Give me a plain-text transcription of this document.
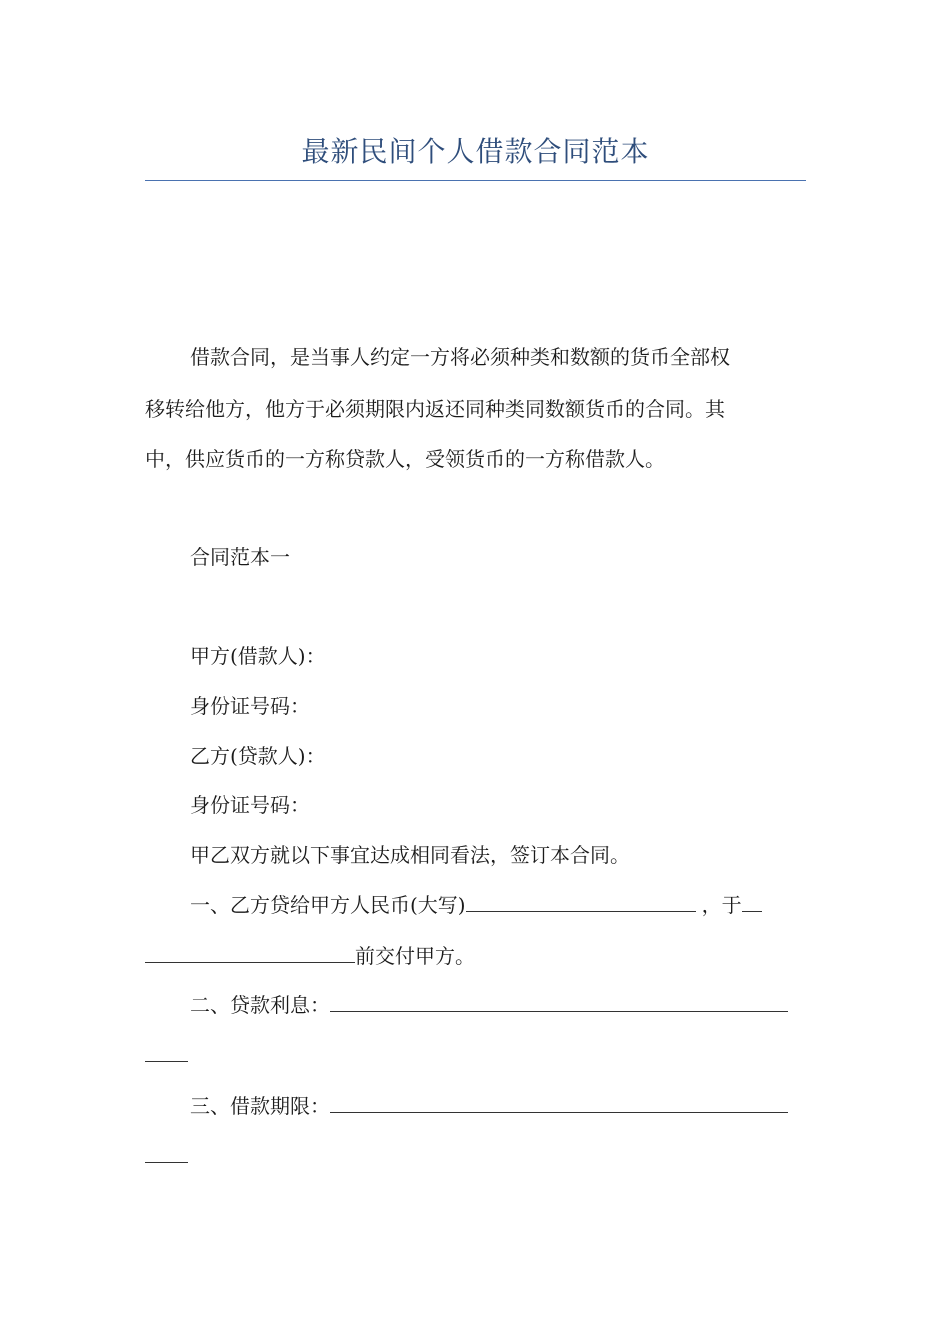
最新民间个人借款合同范本
借款合同，是当事人约定一方将必须种类和数额的货币全部权
移转给他方，他方于必须期限内返还同种类同数额货币的合同。其
中，供应货币的一方称贷款人，受领货币的一方称借款人。
合同范本一
甲方(借款人)：
身份证号码：
乙方(贷款人)：
身份证号码：
甲乙双方就以下事宜达成相同看法，签订本合同。
一、乙方贷给甲方人民币(大写)	，于
前交付甲方。
二、贷款利息：
三、借款期限：
